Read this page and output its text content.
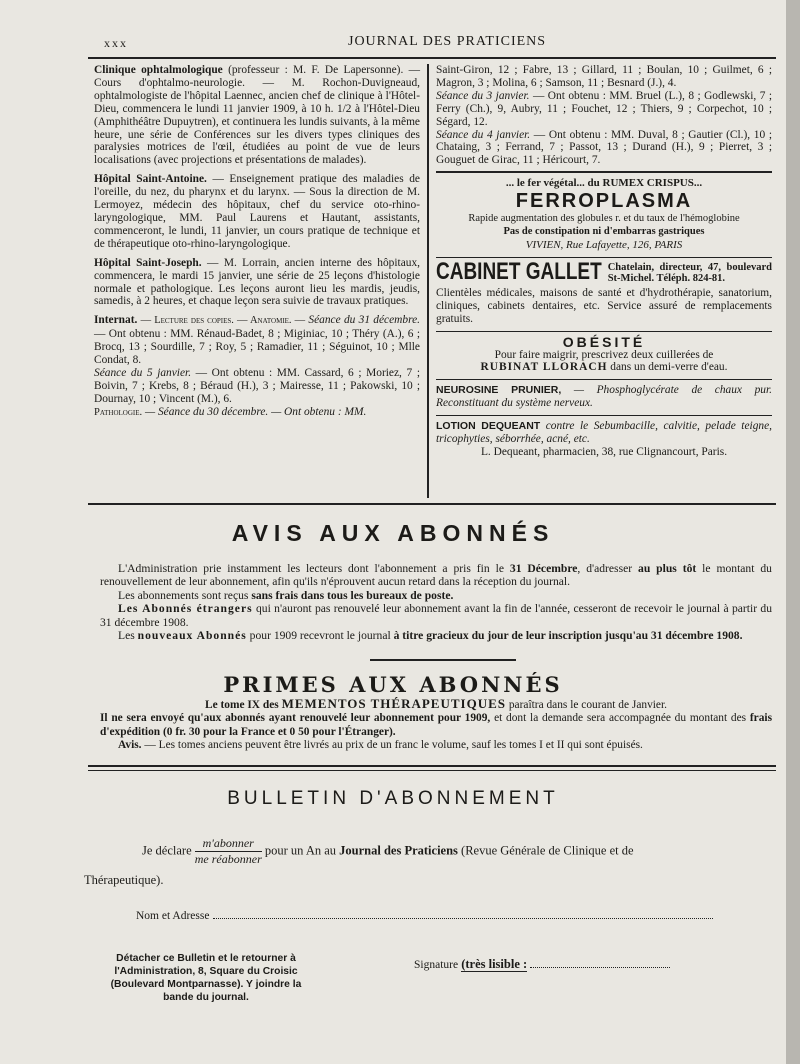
xxx	JOURNAL DES PRATICIENS

Clinique ophtalmologique (professeur : M. F. De Lapersonne). — Cours d'ophtalmo-neurologie. — M. Rochon-Duvigneaud, ophtalmologiste de l'hôpital Laennec, ancien chef de clinique à l'Hôtel-Dieu, commencera le lundi 11 janvier 1909, à 10 h. 1/2 à l'Hôtel-Dieu (Amphithéâtre Dupuytren), et continuera les lundis suivants, à la même heure, une série de Conférences sur les divers types cliniques des paralysies motrices de l'œil, étudiées au point de vue de leurs localisations (avec projections et présentations de malades).

Hôpital Saint-Antoine. — Enseignement pratique des maladies de l'oreille, du nez, du pharynx et du larynx. — Sous la direction de M. Lermoyez, médecin des hôpitaux, chef du service oto-rhino-laryngologique, MM. Paul Laurens et Hautant, assistants, commenceront, le lundi, 11 janvier, un cours pratique de technique et de thérapeutique oto-rhino-laryngologique.

Hôpital Saint-Joseph. — M. Lorrain, ancien interne des hôpitaux, commencera, le mardi 15 janvier, une série de 25 leçons d'histologie normale et pathologique. Les leçons auront lieu les mardis, jeudis, samedis, à 2 heures, et chaque leçon sera suivie de travaux pratiques.

Internat. — Lecture des copies. — Anatomie. — Séance du 31 décembre. — Ont obtenu : MM. Rénaud-Badet, 8 ; Miginiac, 10 ; Théry (A.), 6 ; Brocq, 13 ; Sourdille, 7 ; Roy, 5 ; Ramadier, 11 ; Séguinot, 10 ; Mlle Condat, 8.
Séance du 5 janvier. — Ont obtenu : MM. Cassard, 6 ; Moriez, 7 ; Boivin, 7 ; Krebs, 8 ; Béraud (H.), 3 ; Mairesse, 11 ; Pakowski, 10 ; Dournay, 10 ; Vincent (M.), 6.
Pathologie. — Séance du 30 décembre. — Ont obtenu : MM.

Saint-Giron, 12 ; Fabre, 13 ; Gillard, 11 ; Boulan, 10 ; Guilmet, 6 ; Magron, 3 ; Molina, 6 ; Samson, 11 ; Besnard (J.), 4.
Séance du 3 janvier. — Ont obtenu : MM. Bruel (L.), 8 ; Godlewski, 7 ; Ferry (Ch.), 9, Aubry, 11 ; Fouchet, 12 ; Thiers, 9 ; Corpechot, 10 ; Ségard, 12.
Séance du 4 janvier. — Ont obtenu : MM. Duval, 8 ; Gautier (Cl.), 10 ; Chataing, 3 ; Ferrand, 7 ; Passot, 13 ; Durand (H.), 9 ; Pierret, 3 ; Gouguet de Girac, 11 ; Héricourt, 7.

... le fer végétal... du RUMEX CRISPUS...
FERROPLASMA
Rapide augmentation des globules r. et du taux de l'hémoglobine
Pas de constipation ni d'embarras gastriques
VIVIEN, Rue Lafayette, 126, PARIS
CABINET GALLET Chatelain, directeur, 47, boulevard St-Michel. Téléph. 824-81.
Clientèles médicales, maisons de santé et d'hydrothérapie, sanatorium, cliniques, cabinets dentaires, etc. Service assuré de remplacements gratuits.
OBÉSITÉ
Pour faire maigrir, prescrivez deux cuillerées de
RUBINAT LLORACH dans un demi-verre d'eau.
NEUROSINE PRUNIER, — Phosphoglycérate de chaux pur. Reconstituant du système nerveux.
LOTION DEQUEANT contre le Sebumbacille, calvitie, pelade teigne, tricophyties, séborrhée, acné, etc.
L. Dequeant, pharmacien, 38, rue Clignancourt, Paris.
AVIS AUX ABONNÉS

L'Administration prie instamment les lecteurs dont l'abonnement a pris fin le 31 Décembre, d'adresser au plus tôt le montant du renouvellement de leur abonnement, afin qu'ils n'éprouvent aucun retard dans la réception du journal.

Les abonnements sont reçus sans frais dans tous les bureaux de poste.

Les Abonnés étrangers qui n'auront pas renouvelé leur abonnement avant la fin de l'année, cesseront de recevoir le journal à partir du 31 décembre 1908.

Les nouveaux Abonnés pour 1909 recevront le journal à titre gracieux du jour de leur inscription jusqu'au 31 décembre 1908.

PRIMES AUX ABONNÉS
Le tome IX des MEMENTOS THÉRAPEUTIQUES paraîtra dans le courant de Janvier.
Il ne sera envoyé qu'aux abonnés ayant renouvelé leur abonnement pour 1909, et dont la demande sera accompagnée du montant des frais d'expédition (0 fr. 30 pour la France et 0 50 pour l'Étranger).
Avis. — Les tomes anciens peuvent être livrés au prix de un franc le volume, sauf les tomes I et II qui sont épuisés.
BULLETIN D'ABONNEMENT
Je déclare $\frac{\text{m'abonner}}{\text{me réabonner}}$ pour un An au Journal des Praticiens (Revue Générale de Clinique et de
Thérapeutique).
Nom et Adresse
Détacher ce Bulletin et le retourner à l'Administration, 8, Square du Croisic (Boulevard Montparnasse). Y joindre la bande du journal.
Signature (très lisible :
